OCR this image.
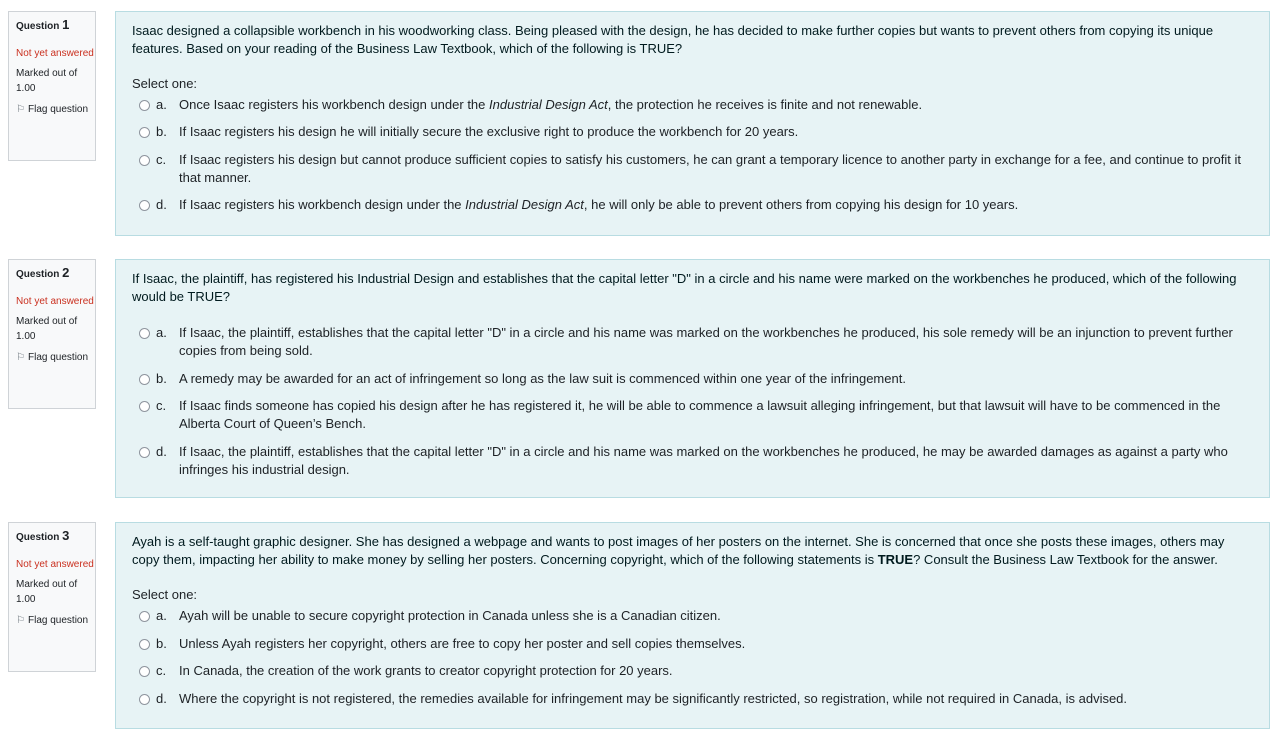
Question 1
Not yet answered
Marked out of 1.00
⚐ Flag question
Isaac designed a collapsible workbench in his woodworking class. Being pleased with the design, he has decided to make further copies but wants to prevent others from copying its unique features. Based on your reading of the Business Law Textbook, which of the following is TRUE?
Select one:
a. Once Isaac registers his workbench design under the Industrial Design Act, the protection he receives is finite and not renewable.
b. If Isaac registers his design he will initially secure the exclusive right to produce the workbench for 20 years.
c. If Isaac registers his design but cannot produce sufficient copies to satisfy his customers, he can grant a temporary licence to another party in exchange for a fee, and continue to profit it that manner.
d. If Isaac registers his workbench design under the Industrial Design Act, he will only be able to prevent others from copying his design for 10 years.
Question 2
Not yet answered
Marked out of 1.00
⚐ Flag question
If Isaac, the plaintiff, has registered his Industrial Design and establishes that the capital letter "D" in a circle and his name were marked on the workbenches he produced, which of the following would be TRUE?
a. If Isaac, the plaintiff, establishes that the capital letter "D" in a circle and his name was marked on the workbenches he produced, his sole remedy will be an injunction to prevent further copies from being sold.
b. A remedy may be awarded for an act of infringement so long as the law suit is commenced within one year of the infringement.
c. If Isaac finds someone has copied his design after he has registered it, he will be able to commence a lawsuit alleging infringement, but that lawsuit will have to be commenced in the Alberta Court of Queen’s Bench.
d. If Isaac, the plaintiff, establishes that the capital letter "D" in a circle and his name was marked on the workbenches he produced, he may be awarded damages as against a party who infringes his industrial design.
Question 3
Not yet answered
Marked out of 1.00
⚐ Flag question
Ayah is a self-taught graphic designer. She has designed a webpage and wants to post images of her posters on the internet. She is concerned that once she posts these images, others may copy them, impacting her ability to make money by selling her posters. Concerning copyright, which of the following statements is TRUE? Consult the Business Law Textbook for the answer.
Select one:
a. Ayah will be unable to secure copyright protection in Canada unless she is a Canadian citizen.
b. Unless Ayah registers her copyright, others are free to copy her poster and sell copies themselves.
c. In Canada, the creation of the work grants to creator copyright protection for 20 years.
d. Where the copyright is not registered, the remedies available for infringement may be significantly restricted, so registration, while not required in Canada, is advised.
